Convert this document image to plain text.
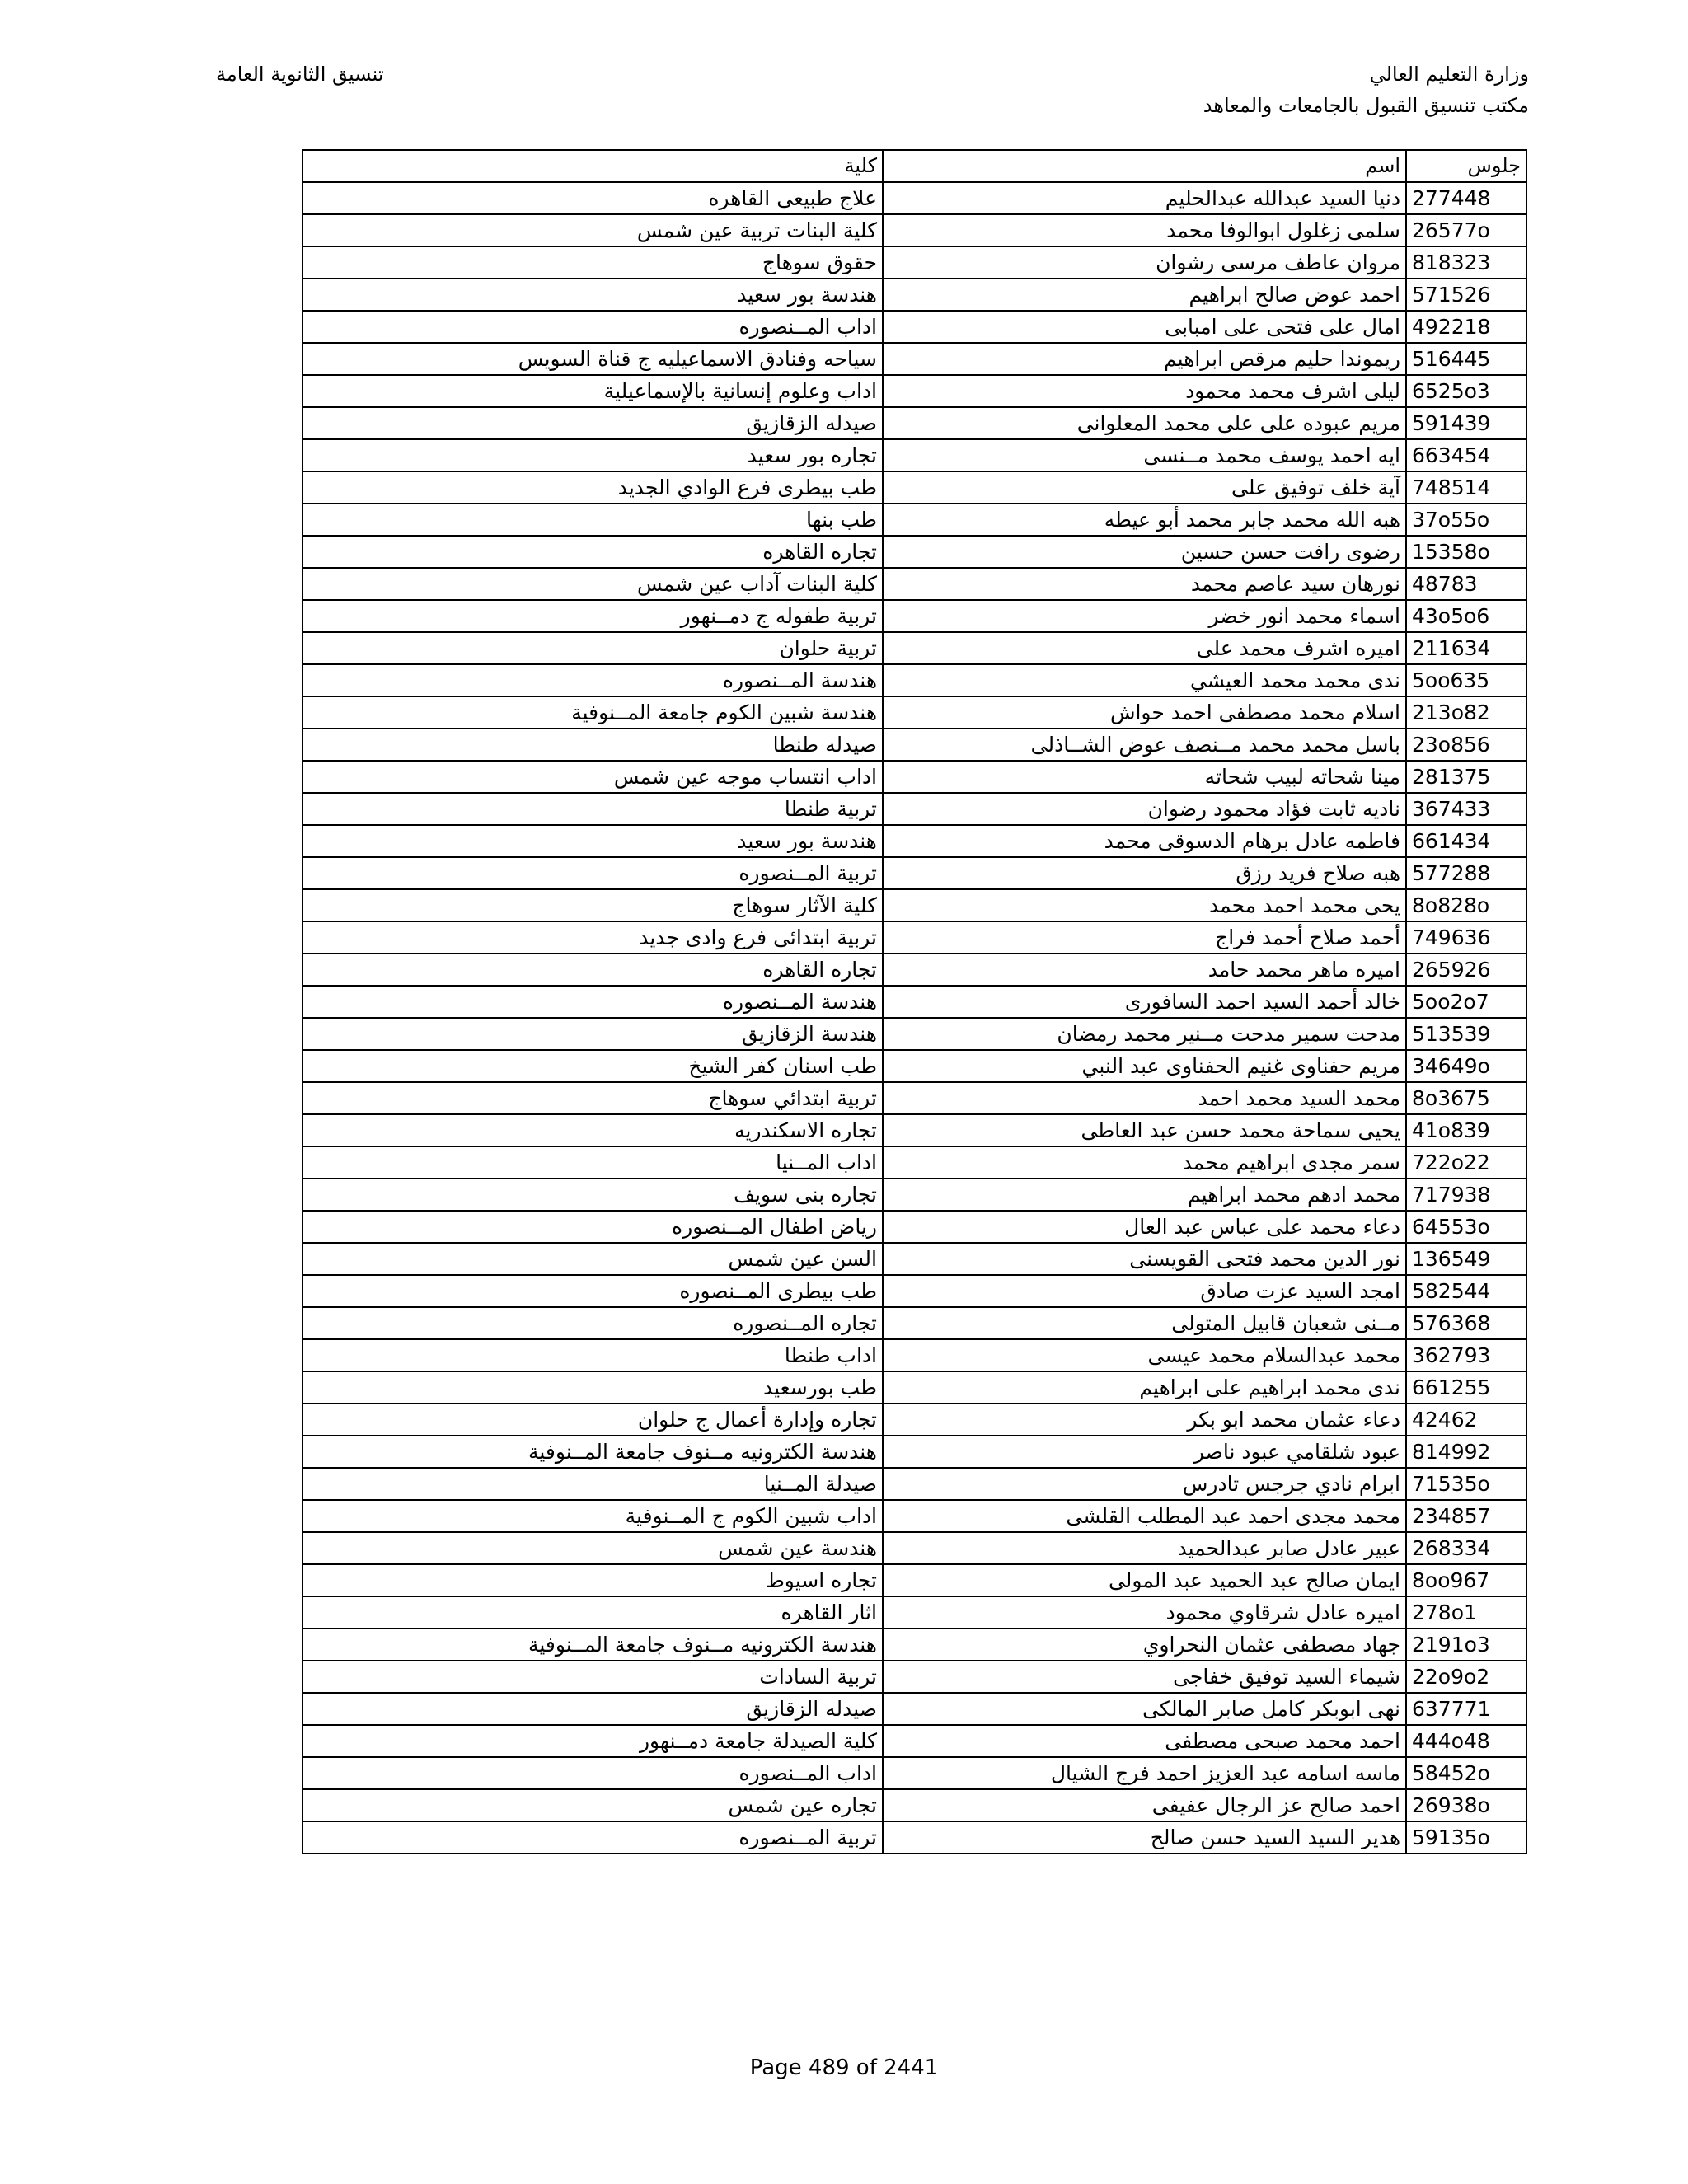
وزارة التعليم العالي
مكتب تنسيق القبول بالجامعات والمعاهد
تنسيق الثانوية العامة
جلوس	اسم	كلية
277448	دنيا السيد عبدالله عبدالحليم	علاج طبيعى القاهره
26577o	سلمى زغلول ابوالوفا محمد	كلية البنات تربية عين شمس
818323	مروان عاطف مرسى رشوان	حقوق سوهاج
571526	احمد عوض صالح ابراهيم	هندسة بور سعيد
492218	امال على فتحى على امبابى	اداب المــنصوره
516445	ريموندا حليم مرقص ابراهيم	سياحه وفنادق الاسماعيليه ج قناة السويس
6525o3	ليلى اشرف محمد محمود	اداب وعلوم إنسانية بالإسماعيلية
591439	مريم عبوده على على محمد المعلوانى	صيدله الزقازيق
663454	ايه احمد يوسف محمد مــنسى	تجاره بور سعيد
748514	آية خلف توفيق على	طب بيطرى فرع الوادي الجديد
37o55o	هبه الله محمد جابر محمد أبو عيطه	طب بنها
15358o	رضوى رافت حسن حسين	تجاره القاهره
48783	نورهان سيد عاصم محمد	كلية البنات آداب عين شمس
43o5o6	اسماء محمد انور خضر	تربية طفوله ج دمــنهور
211634	اميره اشرف محمد على	تربية حلوان
5oo635	ندى محمد محمد العيشي	هندسة المــنصوره
213o82	اسلام محمد مصطفى احمد حواش	هندسة شبين الكوم جامعة المــنوفية
23o856	باسل محمد محمد مــنصف عوض الشــاذلى	صيدله طنطا
281375	مينا شحاته لبيب شحاته	اداب انتساب موجه عين شمس
367433	ناديه ثابت فؤاد محمود رضوان	تربية طنطا
661434	فاطمه عادل برهام الدسوقى محمد	هندسة بور سعيد
577288	هبه صلاح فريد رزق	تربية المــنصوره
8o828o	يحى محمد احمد محمد	كلية الآثار سوهاج
749636	أحمد صلاح أحمد فراج	تربية ابتدائى فرع وادى جديد
265926	اميره ماهر محمد حامد	تجاره القاهره
5oo2o7	خالد أحمد السيد احمد السافورى	هندسة المــنصوره
513539	مدحت سمير مدحت مــنير محمد رمضان	هندسة الزقازيق
34649o	مريم حفناوى غنيم الحفناوى عبد النبي	طب اسنان كفر الشيخ
8o3675	محمد السيد محمد احمد	تربية ابتدائي سوهاج
41o839	يحيى سماحة محمد حسن عبد العاطى	تجاره الاسكندريه
722o22	سمر مجدى ابراهيم محمد	اداب المــنيا
717938	محمد ادهم محمد ابراهيم	تجاره بنى سويف
64553o	دعاء محمد على عباس عبد العال	رياض اطفال المــنصوره
136549	نور الدين محمد فتحى القويسنى	السن عين شمس
582544	امجد السيد عزت صادق	طب بيطرى المــنصوره
576368	مــنى شعبان قابيل المتولى	تجاره المــنصوره
362793	محمد عبدالسلام محمد عيسى	اداب طنطا
661255	ندى محمد ابراهيم على ابراهيم	طب بورسعيد
42462	دعاء عثمان محمد ابو بكر	تجاره وإدارة أعمال ج حلوان
814992	عبود شلقامي عبود ناصر	هندسة الكترونيه مــنوف جامعة المــنوفية
71535o	ابرام نادي جرجس تادرس	صيدلة المــنيا
234857	محمد مجدى احمد عبد المطلب القلشى	اداب شبين الكوم ج المــنوفية
268334	عبير عادل صابر عبدالحميد	هندسة عين شمس
8oo967	ايمان صالح عبد الحميد عبد المولى	تجاره اسيوط
278o1	اميره عادل شرقاوي محمود	اثار القاهره
2191o3	جهاد مصطفى عثمان النحراوي	هندسة الكترونيه مــنوف جامعة المــنوفية
22o9o2	شيماء السيد توفيق خفاجى	تربية السادات
637771	نهى ابوبكر كامل صابر المالكى	صيدله الزقازيق
444o48	احمد محمد صبحى مصطفى	كلية الصيدلة جامعة دمــنهور
58452o	ماسه اسامه عبد العزيز احمد فرج الشيال	اداب المــنصوره
26938o	احمد صالح عز الرجال عفيفى	تجاره عين شمس
59135o	هدير السيد السيد حسن صالح	تربية المــنصوره
Page 489 of 2441
